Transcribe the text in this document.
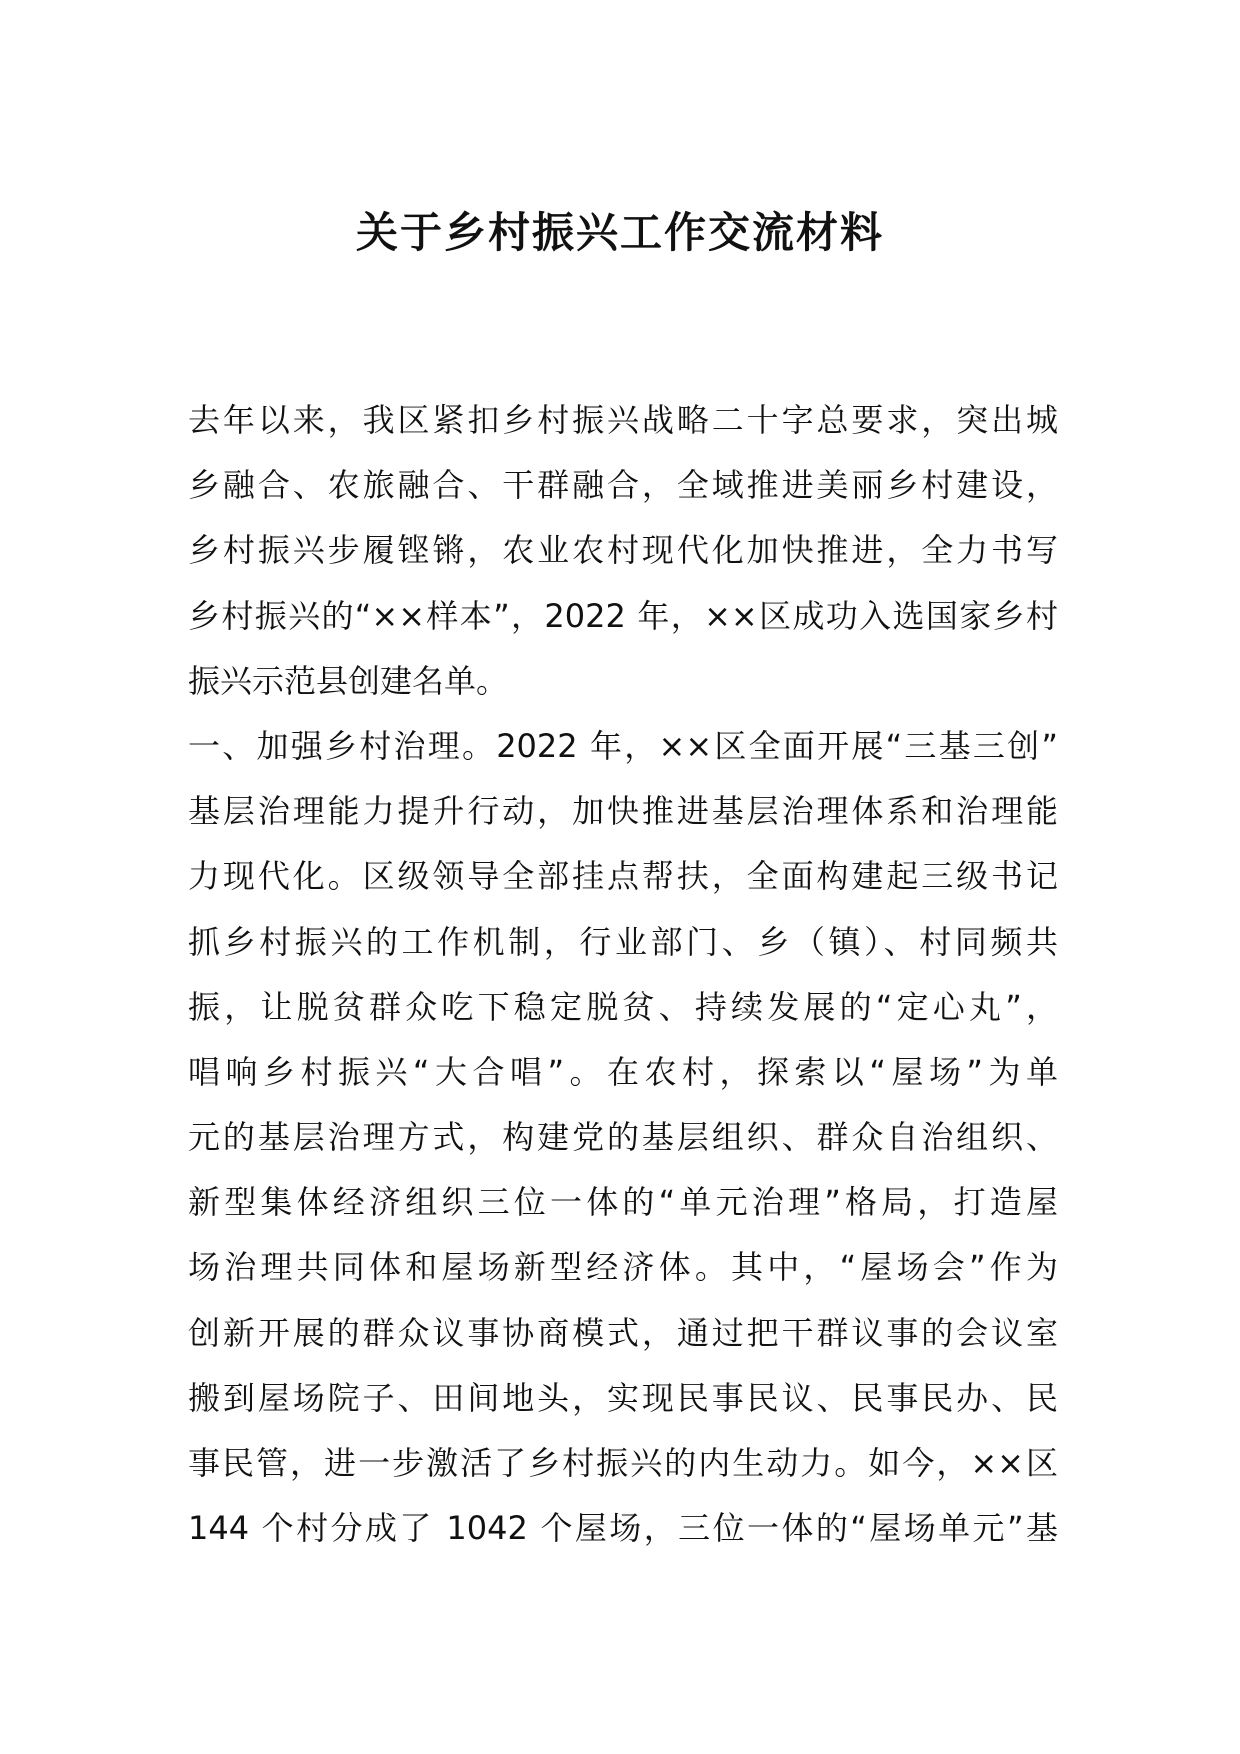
关于乡村振兴工作交流材料
去年以来，我区紧扣乡村振兴战略二十字总要求，突出城
乡融合、农旅融合、干群融合，全域推进美丽乡村建设，
乡村振兴步履铿锵，农业农村现代化加快推进，全力书写
乡村振兴的“××样本”，2022 年，××区成功入选国家乡村
振兴示范县创建名单。
一、加强乡村治理。2022 年，××区全面开展“三基三创”
基层治理能力提升行动，加快推进基层治理体系和治理能
力现代化。区级领导全部挂点帮扶，全面构建起三级书记
抓乡村振兴的工作机制，行业部门、乡（镇）、村同频共
振，让脱贫群众吃下稳定脱贫、持续发展的“定心丸”，
唱响乡村振兴“大合唱”。在农村，探索以“屋场”为单
元的基层治理方式，构建党的基层组织、群众自治组织、
新型集体经济组织三位一体的“单元治理”格局，打造屋
场治理共同体和屋场新型经济体。其中，“屋场会”作为
创新开展的群众议事协商模式，通过把干群议事的会议室
搬到屋场院子、田间地头，实现民事民议、民事民办、民
事民管，进一步激活了乡村振兴的内生动力。如今，××区
144 个村分成了 1042 个屋场，三位一体的“屋场单元”基
